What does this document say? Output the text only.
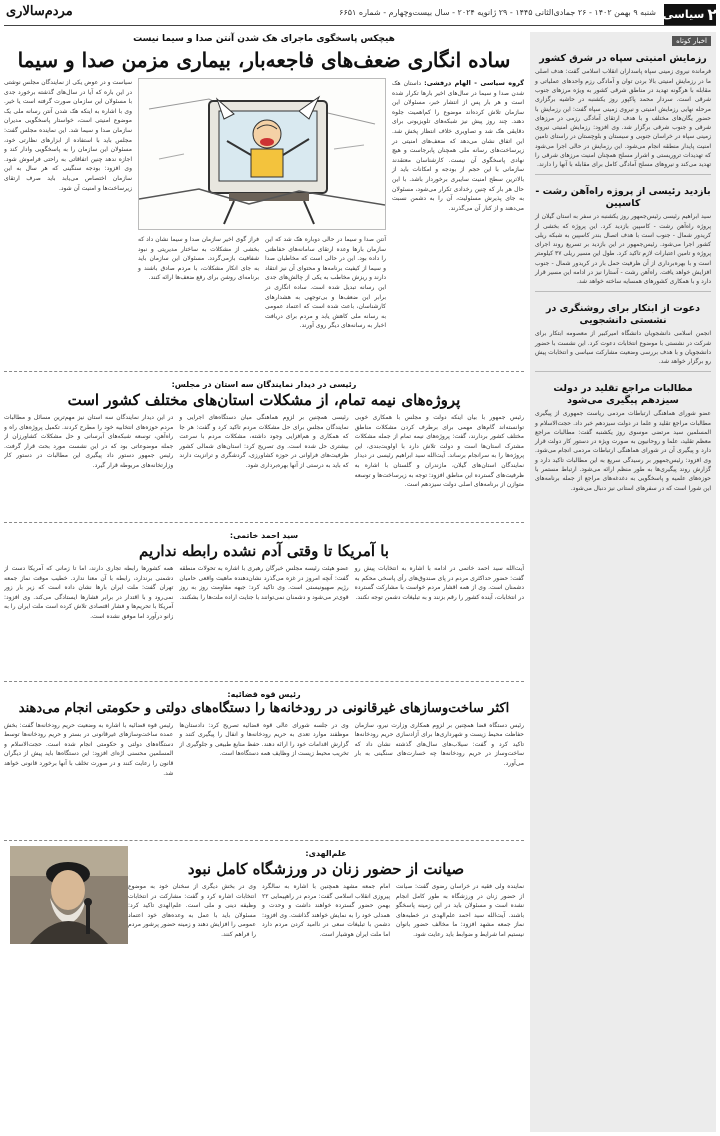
۲
سیاسی
شنبه ۹ بهمن ۱۴۰۲ - ۲۶ جمادی‌الثانی ۱۴۴۵ - ۲۹ ژانویه ۲۰۲۴ - سال بیست‌وچهارم - شماره ۶۶۵۱
مردم‌سالاری
اخبار کوتاه
رزمایش امنیتی سپاه در شرق کشور
فرمانده نیروی زمینی سپاه پاسداران انقلاب اسلامی گفت: هدف اصلی ما در رزمایش امنیتی بالا بردن توان و آمادگی رزم واحدهای عملیاتی و مقابله با هرگونه تهدید در مناطق شرقی کشور به ویژه مرزهای جنوب شرقی است. سردار محمد پاکپور روز یکشنبه در حاشیه برگزاری مرحله نهایی رزمایش امنیتی و نیروی زمینی سپاه گفت: این رزمایش با حضور یگان‌های مختلف و با هدف ارتقای آمادگی رزمی در مرزهای شرقی و جنوب شرقی برگزار شد. وی افزود: رزمایش امنیتی نیروی زمینی سپاه در خراسان جنوبی و سیستان و بلوچستان در راستای تامین امنیت پایدار منطقه انجام می‌شود. این رزمایش در حالی اجرا می‌شود که تهدیدات تروریستی و اشرار مسلح همچنان امنیت مرزهای شرقی را تهدید می‌کند و نیروهای مسلح آمادگی کامل برای مقابله با آنها را دارند.
بازدید رئیسی از پروژه راه‌آهن رشت - کاسپین
سید ابراهیم رئیسی رئیس‌جمهور روز یکشنبه در سفر به استان گیلان از پروژه راه‌آهن رشت - کاسپین بازدید کرد. این پروژه که بخشی از کریدور شمال - جنوب است با هدف اتصال بندر کاسپین به شبکه ریلی کشور اجرا می‌شود. رئیس‌جمهور در این بازدید بر تسریع روند اجرای پروژه و تامین اعتبارات لازم تاکید کرد. طول این مسیر ریلی ۳۷ کیلومتر است و با بهره‌برداری از آن ظرفیت حمل بار در کریدور شمال - جنوب افزایش خواهد یافت. راه‌آهن رشت - آستارا نیز در ادامه این مسیر قرار دارد و با همکاری کشورهای همسایه ساخته خواهد شد.
دعوت از ابتکار برای روشنگری در نشستی دانشجویی
انجمن اسلامی دانشجویان دانشگاه امیرکبیر از معصومه ابتکار برای شرکت در نشستی با موضوع انتخابات دعوت کرد. این نشست با حضور دانشجویان و با هدف بررسی وضعیت مشارکت سیاسی و انتخابات پیش رو برگزار خواهد شد.
مطالبات مراجع تقلید در دولت سیزدهم پیگیری می‌شود
عضو شورای هماهنگی ارتباطات مردمی ریاست جمهوری از پیگیری مطالبات مراجع تقلید و علما در دولت سیزدهم خبر داد. حجت‌الاسلام و المسلمین سید مرتضی موسوی روز یکشنبه گفت: مطالبات مراجع معظم تقلید، علما و روحانیون به صورت ویژه در دستور کار دولت قرار دارد و پیگیری آن در شورای هماهنگی ارتباطات مردمی انجام می‌شود. وی افزود: رئیس‌جمهور بر رسیدگی سریع به این مطالبات تاکید دارد و گزارش روند پیگیری‌ها به طور منظم ارائه می‌شود. ارتباط مستمر با حوزه‌های علمیه و پاسخگویی به دغدغه‌های مراجع از جمله برنامه‌های این شورا است که در سفرهای استانی نیز دنبال می‌شود.
هیچکس پاسخگوی ماجرای هک شدن آنتن صدا و سیما نیست
ساده انگاری ضعف‌های فاجعه‌بار، بیماری مزمن صدا و سیما
گروه سیاسی - الهام درفشی: داستان هک شدن صدا و سیما در سال‌های اخیر بارها تکرار شده است و هر بار پس از انتشار خبر، مسئولان این سازمان تلاش کرده‌اند موضوع را کم‌اهمیت جلوه دهند. چند روز پیش نیز شبکه‌های تلویزیونی برای دقایقی هک شد و تصاویری خلاف انتظار پخش شد. این اتفاق نشان می‌دهد که ضعف‌های امنیتی در زیرساخت‌های رسانه ملی همچنان پابرجاست و هیچ نهادی پاسخگوی آن نیست. کارشناسان معتقدند سازمانی با این حجم از بودجه و امکانات باید از بالاترین سطح امنیت سایبری برخوردار باشد. با این حال هر بار که چنین رخدادی تکرار می‌شود، مسئولان به جای پذیرش مسئولیت، آن را به دشمن نسبت می‌دهند و از کنار آن می‌گذرند.
آنتن صدا و سیما در حالی دوباره هک شد که این سازمان بارها وعده ارتقای سامانه‌های حفاظتی را داده بود. این در حالی است که مخاطبان صدا و سیما از کیفیت برنامه‌ها و محتوای آن نیز انتقاد دارند و ریزش مخاطب به یکی از چالش‌های جدی این رسانه تبدیل شده است. ساده انگاری در برابر این ضعف‌ها و بی‌توجهی به هشدارهای کارشناسان، باعث شده است که اعتماد عمومی به رسانه ملی کاهش یابد و مردم برای دریافت اخبار به رسانه‌های دیگر روی آورند.
فراز گوی اخیر سازمان صدا و سیما نشان داد که بخشی از مشکلات به ساختار مدیریتی و نبود شفافیت بازمی‌گردد. مسئولان این سازمان باید به جای انکار مشکلات، با مردم صادق باشند و برنامه‌ای روشن برای رفع ضعف‌ها ارائه کنند.
سیاست و در عوض یکی از نمایندگان مجلس نوشتی در این باره که آیا در سال‌های گذشته برخورد جدی با مسئولان این سازمان صورت گرفته است یا خیر. وی با اشاره به اینکه هک شدن آنتن رسانه ملی یک موضوع امنیتی است، خواستار پاسخگویی مدیران سازمان صدا و سیما شد. این نماینده مجلس گفت: مجلس باید با استفاده از ابزارهای نظارتی خود، مسئولان این سازمان را به پاسخگویی وادار کند و اجازه ندهد چنین اتفاقاتی به راحتی فراموش شود. وی افزود: بودجه سنگینی که هر سال به این سازمان اختصاص می‌یابد باید صرف ارتقای زیرساخت‌ها و امنیت آن شود.
رئیسی در دیدار نمایندگان سه استان در مجلس:
پروژه‌های نیمه تمام، از مشکلات استان‌های مختلف کشور است
رئیس جمهور با بیان اینکه دولت و مجلس با همکاری خوبی توانسته‌اند گام‌های مهمی برای برطرف کردن مشکلات مناطق مختلف کشور بردارند، گفت: پروژه‌های نیمه تمام از جمله مشکلات مشترک استان‌ها است و دولت تلاش دارد با اولویت‌بندی، این پروژه‌ها را به سرانجام برساند. آیت‌الله سید ابراهیم رئیسی در دیدار نمایندگان استان‌های گیلان، مازندران و گلستان با اشاره به ظرفیت‌های گسترده این مناطق افزود: توجه به زیرساخت‌ها و توسعه متوازن از برنامه‌های اصلی دولت سیزدهم است.
رئیسی همچنین بر لزوم هماهنگی میان دستگاه‌های اجرایی و نمایندگان مجلس برای حل مشکلات مردم تاکید کرد و گفت: هر جا که همکاری و هم‌افزایی وجود داشته، مشکلات مردم با سرعت بیشتری حل شده است. وی تصریح کرد: استان‌های شمالی کشور ظرفیت‌های فراوانی در حوزه کشاورزی، گردشگری و ترانزیت دارند که باید به درستی از آنها بهره‌برداری شود.
در این دیدار نمایندگان سه استان نیز مهم‌ترین مسائل و مطالبات مردم حوزه‌های انتخابیه خود را مطرح کردند. تکمیل پروژه‌های راه و راه‌آهن، توسعه شبکه‌های آبرسانی و حل مشکلات کشاورزان از جمله موضوعاتی بود که در این نشست مورد بحث قرار گرفت. رئیس جمهور دستور داد پیگیری این مطالبات در دستور کار وزارتخانه‌های مربوطه قرار گیرد.
سید احمد خاتمی:
با آمریکا تا وقتی آدم نشده رابطه نداریم
آیت‌الله سید احمد خاتمی در ادامه با اشاره به انتخابات پیش رو گفت: حضور حداکثری مردم در پای صندوق‌های رأی پاسخی محکم به دشمنان است. وی از همه اقشار مردم خواست با مشارکت گسترده در انتخابات، آینده کشور را رقم بزنند و به تبلیغات دشمن توجه نکنند.
عضو هیئت رئیسه مجلس خبرگان رهبری با اشاره به تحولات منطقه گفت: آنچه امروز در غزه می‌گذرد نشان‌دهنده ماهیت واقعی حامیان رژیم صهیونیستی است. وی تاکید کرد: جبهه مقاومت روز به روز قوی‌تر می‌شود و دشمنان نمی‌توانند با جنایت اراده ملت‌ها را بشکنند.
همه کشورها رابطه تجاری دارند، اما تا زمانی که آمریکا دست از دشمنی برندارد، رابطه با آن معنا ندارد. خطیب موقت نماز جمعه تهران گفت: ملت ایران بارها نشان داده است که زیر بار زور نمی‌رود و با اقتدار در برابر فشارها ایستادگی می‌کند. وی افزود: آمریکا با تحریم‌ها و فشار اقتصادی تلاش کرده است ملت ایران را به زانو درآورد اما موفق نشده است.
رئیس قوه قضائیه:
اکثر ساخت‌وسازهای غیرقانونی در رودخانه‌ها را دستگاه‌های دولتی و حکومتی انجام می‌دهند
رئیس دستگاه قضا همچنین بر لزوم همکاری وزارت نیرو، سازمان حفاظت محیط زیست و شهرداری‌ها برای آزادسازی حریم رودخانه‌ها تاکید کرد و گفت: سیلاب‌های سال‌های گذشته نشان داد که ساخت‌وساز در حریم رودخانه‌ها چه خسارت‌های سنگینی به بار می‌آورد.
وی در جلسه شورای عالی قوه قضائیه تصریح کرد: دادستان‌ها موظفند موارد تعدی به حریم رودخانه‌ها و انفال را پیگیری کنند و گزارش اقدامات خود را ارائه دهند. حفظ منابع طبیعی و جلوگیری از تخریب محیط زیست از وظایف همه دستگاه‌ها است.
رئیس قوه قضائیه با اشاره به وضعیت حریم رودخانه‌ها گفت: بخش عمده ساخت‌وسازهای غیرقانونی در بستر و حریم رودخانه‌ها توسط دستگاه‌های دولتی و حکومتی انجام شده است. حجت‌الاسلام و المسلمین محسنی اژه‌ای افزود: این دستگاه‌ها باید پیش از دیگران قانون را رعایت کنند و در صورت تخلف با آنها برخورد قانونی خواهد شد.
علم‌الهدی:
صیانت از حضور زنان در ورزشگاه کامل نبود
نماینده ولی فقیه در خراسان رضوی گفت: صیانت از حضور زنان در ورزشگاه به طور کامل انجام نشده است و مسئولان باید در این زمینه پاسخگو باشند. آیت‌الله سید احمد علم‌الهدی در خطبه‌های نماز جمعه مشهد افزود: ما مخالف حضور بانوان نیستیم اما شرایط و ضوابط باید رعایت شود.
امام جمعه مشهد همچنین با اشاره به سالگرد پیروزی انقلاب اسلامی گفت: مردم در راهپیمایی ۲۲ بهمن حضور گسترده خواهند داشت و وحدت و همدلی خود را به نمایش خواهند گذاشت. وی افزود: دشمن با تبلیغات سعی در ناامید کردن مردم دارد اما ملت ایران هوشیار است.
وی در بخش دیگری از سخنان خود به موضوع انتخابات اشاره کرد و گفت: مشارکت در انتخابات وظیفه دینی و ملی است. علم‌الهدی تاکید کرد: مسئولان باید با عمل به وعده‌های خود اعتماد عمومی را افزایش دهند و زمینه حضور پرشور مردم را فراهم کنند.
